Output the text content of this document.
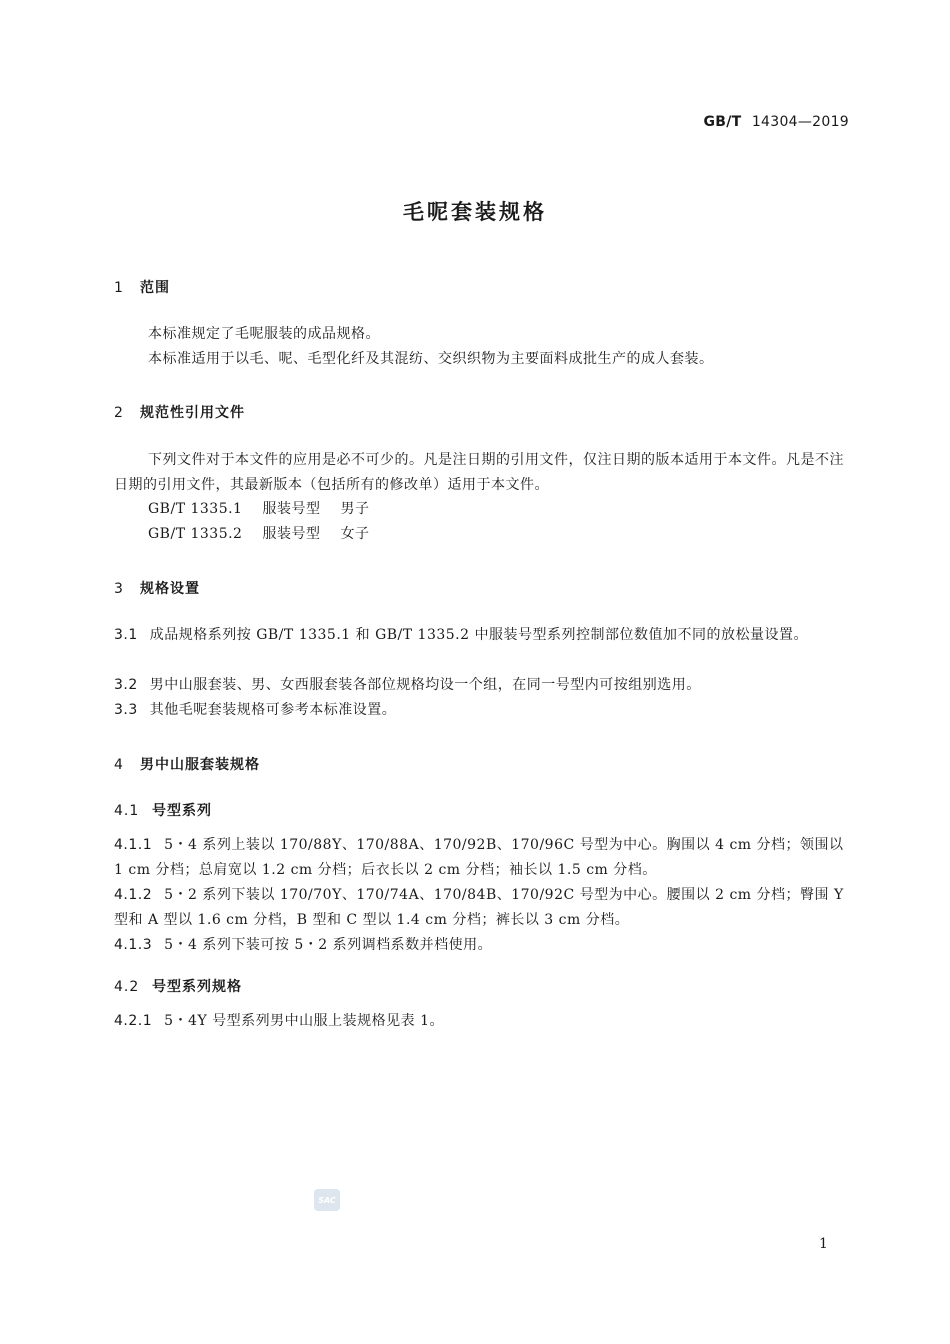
GB/T 14304—2019
毛呢套装规格
1 范围
本标准规定了毛呢服装的成品规格。
本标准适用于以毛、呢、毛型化纤及其混纺、交织织物为主要面料成批生产的成人套装。
2 规范性引用文件
下列文件对于本文件的应用是必不可少的。凡是注日期的引用文件，仅注日期的版本适用于本文件。凡是不注日期的引用文件，其最新版本（包括所有的修改单）适用于本文件。
GB/T 1335.1 服装号型 男子
GB/T 1335.2 服装号型 女子
3 规格设置
3.1 成品规格系列按 GB/T 1335.1 和 GB/T 1335.2 中服装号型系列控制部位数值加不同的放松量设置。
3.2 男中山服套装、男、女西服套装各部位规格均设一个组，在同一号型内可按组别选用。
3.3 其他毛呢套装规格可参考本标准设置。
4 男中山服套装规格
4.1 号型系列
4.1.1 5・4 系列上装以 170/88Y、170/88A、170/92B、170/96C 号型为中心。胸围以 4 cm 分档；领围以 1 cm 分档；总肩宽以 1.2 cm 分档；后衣长以 2 cm 分档；袖长以 1.5 cm 分档。
4.1.2 5・2 系列下装以 170/70Y、170/74A、170/84B、170/92C 号型为中心。腰围以 2 cm 分档；臀围 Y 型和 A 型以 1.6 cm 分档，B 型和 C 型以 1.4 cm 分档；裤长以 3 cm 分档。
4.1.3 5・4 系列下装可按 5・2 系列调档系数并档使用。
4.2 号型系列规格
4.2.1 5・4Y 号型系列男中山服上装规格见表 1。
SAC
1
